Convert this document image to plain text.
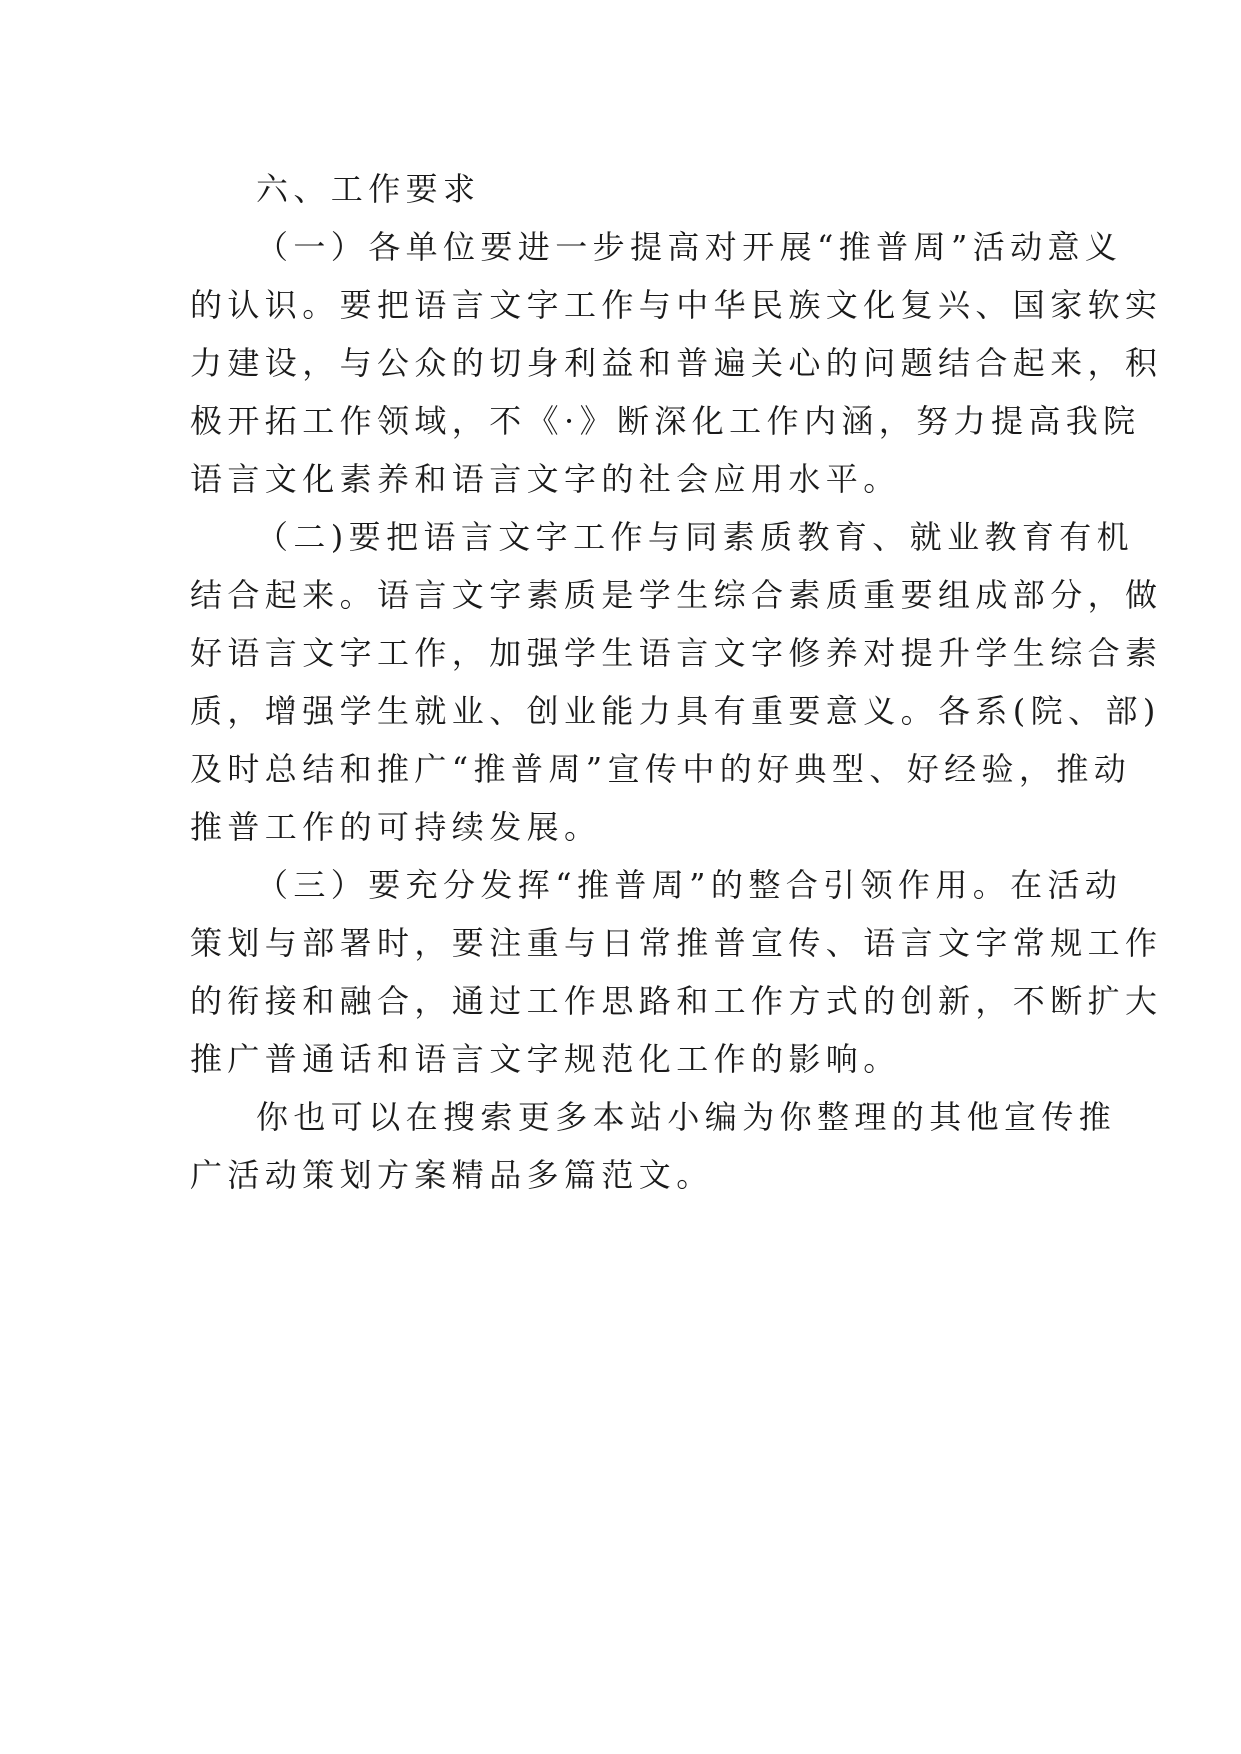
六、工作要求
（一）各单位要进一步提高对开展“推普周”活动意义
的认识。要把语言文字工作与中华民族文化复兴、国家软实
力建设，与公众的切身利益和普遍关心的问题结合起来，积
极开拓工作领域，不《·》断深化工作内涵，努力提高我院
语言文化素养和语言文字的社会应用水平。
（二)要把语言文字工作与同素质教育、就业教育有机
结合起来。语言文字素质是学生综合素质重要组成部分，做
好语言文字工作，加强学生语言文字修养对提升学生综合素
质，增强学生就业、创业能力具有重要意义。各系(院、部)
及时总结和推广“推普周”宣传中的好典型、好经验，推动
推普工作的可持续发展。
（三）要充分发挥“推普周”的整合引领作用。在活动
策划与部署时，要注重与日常推普宣传、语言文字常规工作
的衔接和融合，通过工作思路和工作方式的创新，不断扩大
推广普通话和语言文字规范化工作的影响。
你也可以在搜索更多本站小编为你整理的其他宣传推
广活动策划方案精品多篇范文。
